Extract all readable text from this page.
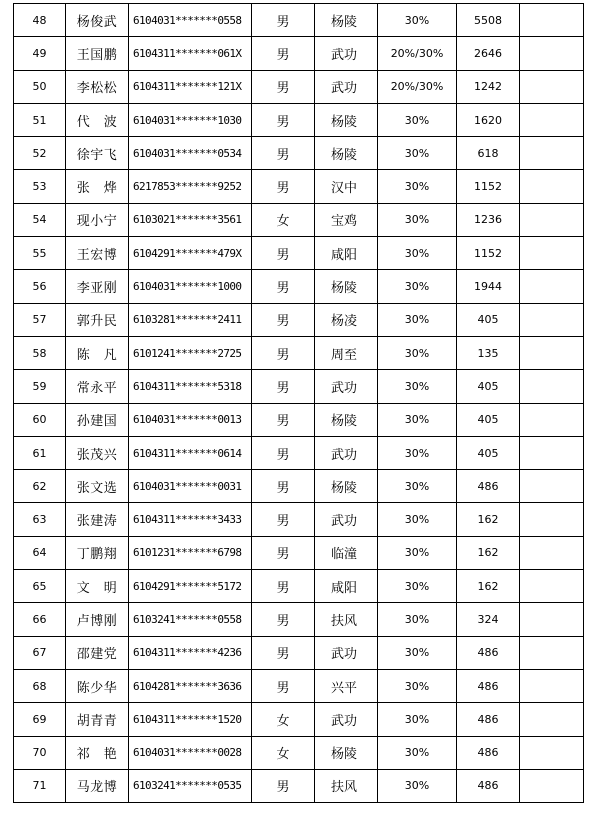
48	杨俊武	6104031*******0558	男	杨陵	30%	5508	
49	王国鹏	6104311*******061X	男	武功	20%/30%	2646	
50	李松松	6104311*******121X	男	武功	20%/30%	1242	
51	代　波	6104031*******1030	男	杨陵	30%	1620	
52	徐宇飞	6104031*******0534	男	杨陵	30%	618	
53	张　烨	6217853*******9252	男	汉中	30%	1152	
54	现小宁	6103021*******3561	女	宝鸡	30%	1236	
55	王宏博	6104291*******479X	男	咸阳	30%	1152	
56	李亚刚	6104031*******1000	男	杨陵	30%	1944	
57	郭升民	6103281*******2411	男	杨凌	30%	405	
58	陈　凡	6101241*******2725	男	周至	30%	135	
59	常永平	6104311*******5318	男	武功	30%	405	
60	孙建国	6104031*******0013	男	杨陵	30%	405	
61	张茂兴	6104311*******0614	男	武功	30%	405	
62	张文选	6104031*******0031	男	杨陵	30%	486	
63	张建涛	6104311*******3433	男	武功	30%	162	
64	丁鹏翔	6101231*******6798	男	临潼	30%	162	
65	文　明	6104291*******5172	男	咸阳	30%	162	
66	卢博刚	6103241*******0558	男	扶风	30%	324	
67	邵建党	6104311*******4236	男	武功	30%	486	
68	陈少华	6104281*******3636	男	兴平	30%	486	
69	胡青青	6104311*******1520	女	武功	30%	486	
70	祁　艳	6104031*******0028	女	杨陵	30%	486	
71	马龙博	6103241*******0535	男	扶风	30%	486	
